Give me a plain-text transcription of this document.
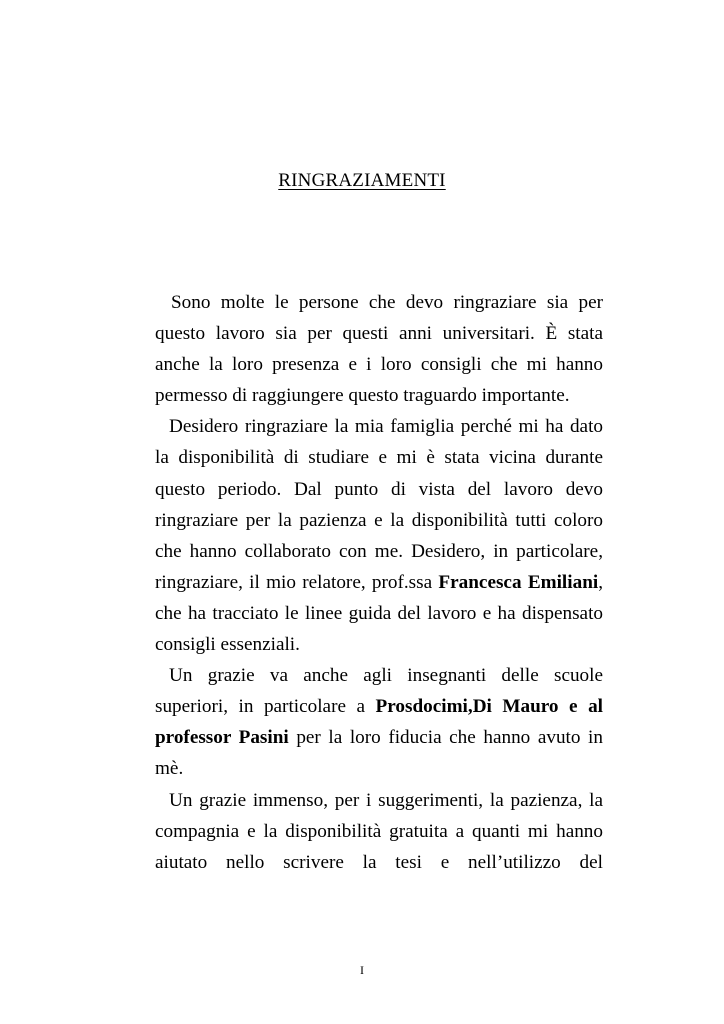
RINGRAZIAMENTI

Sono molte le persone che devo ringraziare sia per questo lavoro sia per questi anni universitari. È stata anche la loro presenza e i loro consigli che mi hanno permesso di raggiungere questo traguardo importante.

Desidero ringraziare la mia famiglia perché mi ha dato la disponibilità di studiare e mi è stata vicina durante questo periodo. Dal punto di vista del lavoro devo ringraziare per la pazienza e la disponibilità tutti coloro che hanno collaborato con me. Desidero, in particolare, ringraziare, il mio relatore, prof.ssa Francesca Emiliani, che ha tracciato le linee guida del lavoro e ha dispensato consigli essenziali.

Un grazie va anche agli insegnanti delle scuole superiori, in particolare a Prosdocimi,Di Mauro e al professor Pasini per la loro fiducia che hanno avuto in mè.

Un grazie immenso, per i suggerimenti, la pazienza, la compagnia e la disponibilità gratuita a quanti mi hanno aiutato nello scrivere la tesi e nell’utilizzo del

I
